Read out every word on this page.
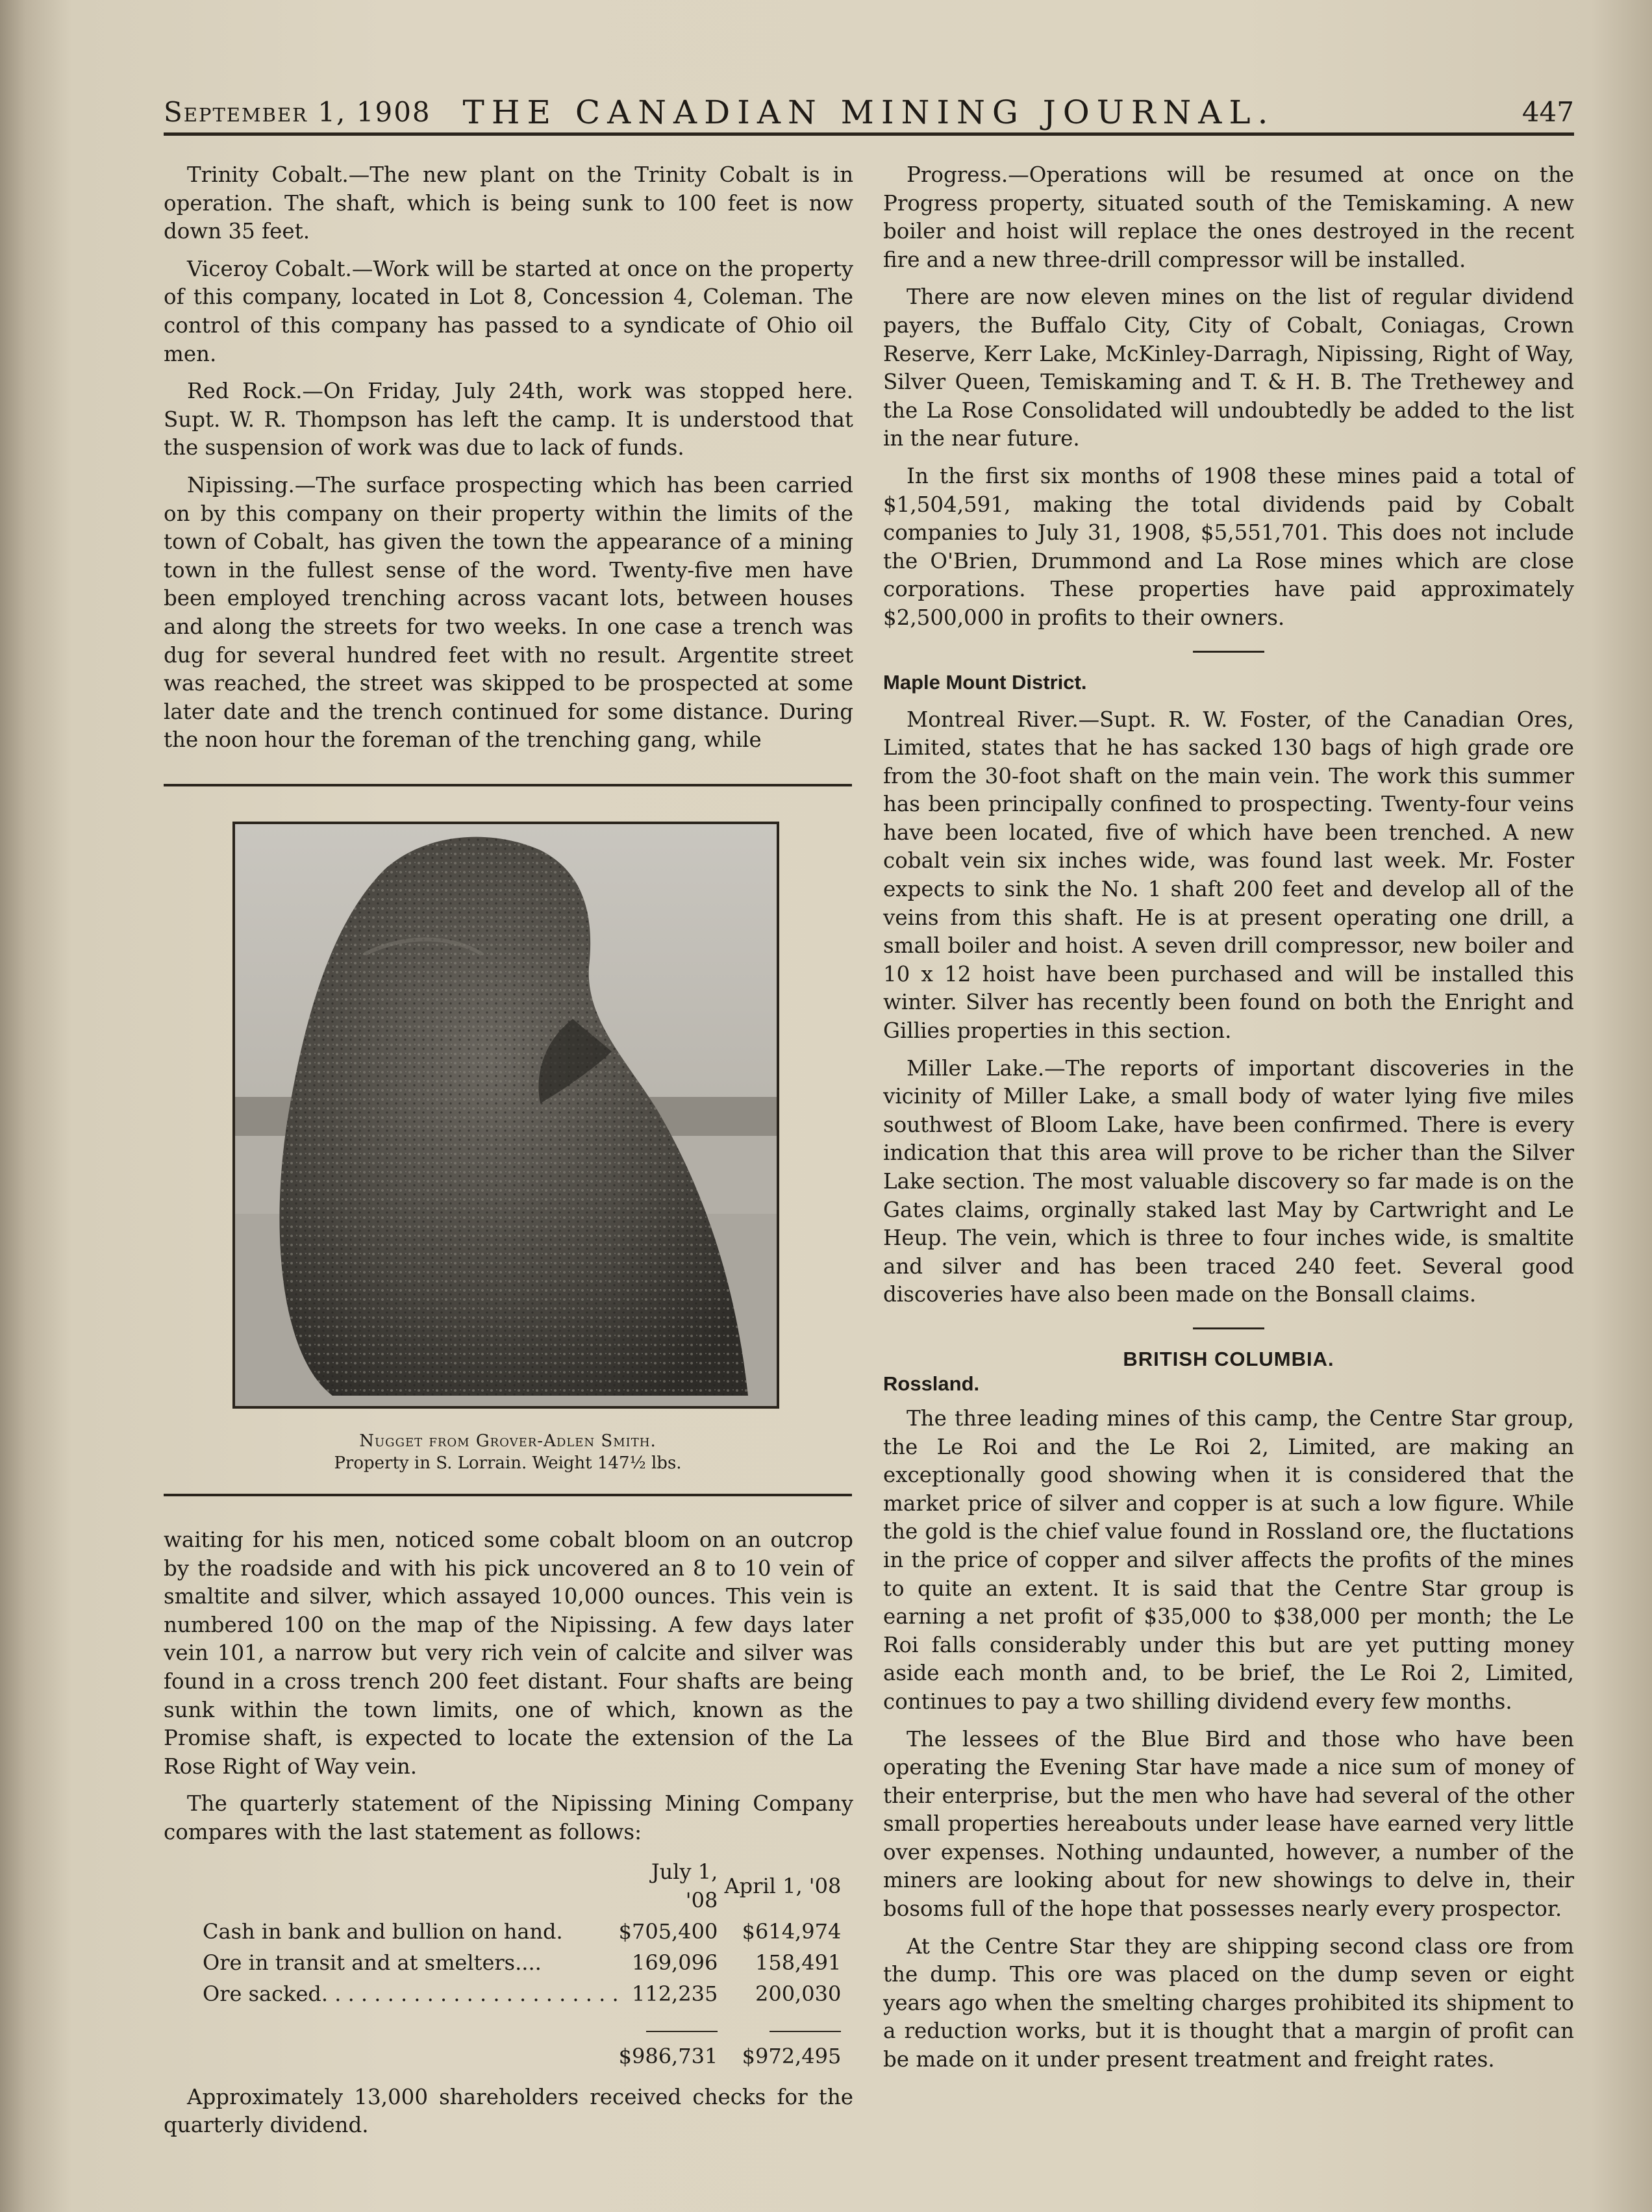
September 1, 1908 THE CANADIAN MINING JOURNAL.	447

Trinity Cobalt.—The new plant on the Trinity Cobalt is in operation. The shaft, which is being sunk to 100 feet is now down 35 feet.

Viceroy Cobalt.—Work will be started at once on the property of this company, located in Lot 8, Concession 4, Coleman. The control of this company has passed to a syndicate of Ohio oil men.

Red Rock.—On Friday, July 24th, work was stopped here. Supt. W. R. Thompson has left the camp. It is understood that the suspension of work was due to lack of funds.

Nipissing.—The surface prospecting which has been carried on by this company on their property within the limits of the town of Cobalt, has given the town the appearance of a mining town in the fullest sense of the word. Twenty-five men have been employed trenching across vacant lots, between houses and along the streets for two weeks. In one case a trench was dug for several hundred feet with no result. Argentite street was reached, the street was skipped to be prospected at some later date and the trench continued for some distance. During the noon hour the foreman of the trenching gang, while

Nugget from Grover-Adlen Smith.
Property in S. Lorrain. Weight 147½ lbs.

waiting for his men, noticed some cobalt bloom on an outcrop by the roadside and with his pick uncovered an 8 to 10 vein of smaltite and silver, which assayed 10,000 ounces. This vein is numbered 100 on the map of the Nipissing. A few days later vein 101, a narrow but very rich vein of calcite and silver was found in a cross trench 200 feet distant. Four shafts are being sunk within the town limits, one of which, known as the Promise shaft, is expected to locate the extension of the La Rose Right of Way vein.

The quarterly statement of the Nipissing Mining Company compares with the last statement as follows:

	July 1, '08	April 1, '08
Cash in bank and bullion on hand.	$705,400	$614,974
Ore in transit and at smelters....	169,096	158,491
Ore sacked. . . . . . . . . . . . . . . . . . . . . . .	112,235	200,030

	$986,731	$972,495

Approximately 13,000 shareholders received checks for the quarterly dividend.

Progress.—Operations will be resumed at once on the Progress property, situated south of the Temiskaming. A new boiler and hoist will replace the ones destroyed in the recent fire and a new three-drill compressor will be installed.

There are now eleven mines on the list of regular dividend payers, the Buffalo City, City of Cobalt, Coniagas, Crown Reserve, Kerr Lake, McKinley-Darragh, Nipissing, Right of Way, Silver Queen, Temiskaming and T. & H. B. The Trethewey and the La Rose Consolidated will undoubtedly be added to the list in the near future.

In the first six months of 1908 these mines paid a total of $1,504,591, making the total dividends paid by Cobalt companies to July 31, 1908, $5,551,701. This does not include the O'Brien, Drummond and La Rose mines which are close corporations. These properties have paid approximately $2,500,000 in profits to their owners.

Maple Mount District.

Montreal River.—Supt. R. W. Foster, of the Canadian Ores, Limited, states that he has sacked 130 bags of high grade ore from the 30-foot shaft on the main vein. The work this summer has been principally confined to prospecting. Twenty-four veins have been located, five of which have been trenched. A new cobalt vein six inches wide, was found last week. Mr. Foster expects to sink the No. 1 shaft 200 feet and develop all of the veins from this shaft. He is at present operating one drill, a small boiler and hoist. A seven drill compressor, new boiler and 10 x 12 hoist have been purchased and will be installed this winter. Silver has recently been found on both the Enright and Gillies properties in this section.

Miller Lake.—The reports of important discoveries in the vicinity of Miller Lake, a small body of water lying five miles southwest of Bloom Lake, have been confirmed. There is every indication that this area will prove to be richer than the Silver Lake section. The most valuable discovery so far made is on the Gates claims, orginally staked last May by Cartwright and Le Heup. The vein, which is three to four inches wide, is smaltite and silver and has been traced 240 feet. Several good discoveries have also been made on the Bonsall claims.

BRITISH COLUMBIA.
Rossland.

The three leading mines of this camp, the Centre Star group, the Le Roi and the Le Roi 2, Limited, are making an exceptionally good showing when it is considered that the market price of silver and copper is at such a low figure. While the gold is the chief value found in Rossland ore, the fluctations in the price of copper and silver affects the profits of the mines to quite an extent. It is said that the Centre Star group is earning a net profit of $35,000 to $38,000 per month; the Le Roi falls considerably under this but are yet putting money aside each month and, to be brief, the Le Roi 2, Limited, continues to pay a two shilling dividend every few months.

The lessees of the Blue Bird and those who have been operating the Evening Star have made a nice sum of money of their enterprise, but the men who have had several of the other small properties hereabouts under lease have earned very little over expenses. Nothing undaunted, however, a number of the miners are looking about for new showings to delve in, their bosoms full of the hope that possesses nearly every prospector.

At the Centre Star they are shipping second class ore from the dump. This ore was placed on the dump seven or eight years ago when the smelting charges prohibited its shipment to a reduction works, but it is thought that a margin of profit can be made on it under present treatment and freight rates.
